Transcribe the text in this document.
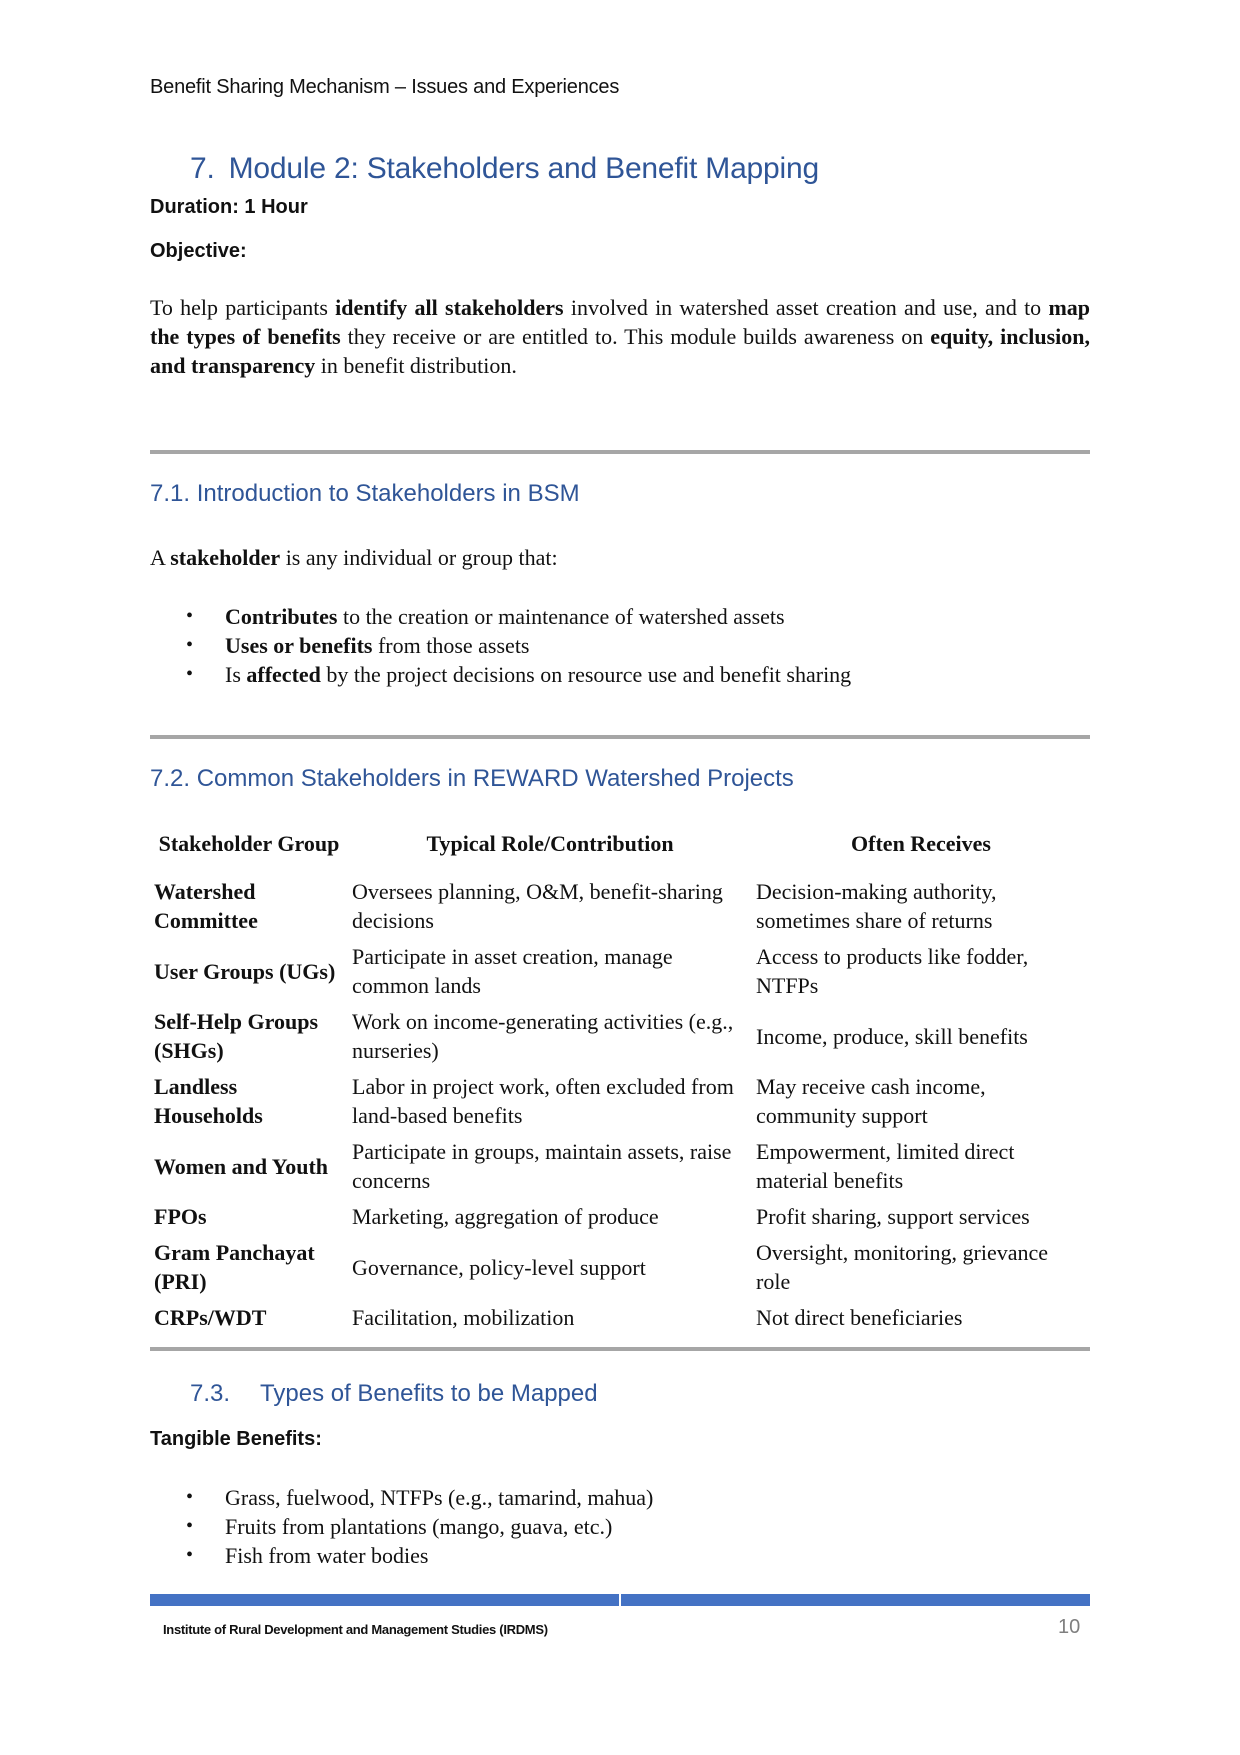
Benefit Sharing Mechanism – Issues and Experiences
7. Module 2: Stakeholders and Benefit Mapping

Duration: 1 Hour

Objective:

To help participants identify all stakeholders involved in watershed asset creation and use, and to map the types of benefits they receive or are entitled to. This module builds awareness on equity, inclusion, and transparency in benefit distribution.

7.1. Introduction to Stakeholders in BSM

A stakeholder is any individual or group that:

• Contributes to the creation or maintenance of watershed assets
• Uses or benefits from those assets
• Is affected by the project decisions on resource use and benefit sharing
7.2. Common Stakeholders in REWARD Watershed Projects
Stakeholder Group	Typical Role/Contribution	Often Receives
Watershed Committee	Oversees planning, O&M, benefit-sharing decisions	Decision-making authority, sometimes share of returns
User Groups (UGs)	Participate in asset creation, manage common lands	Access to products like fodder, NTFPs
Self-Help Groups (SHGs)	Work on income-generating activities (e.g., nurseries)	Income, produce, skill benefits
Landless Households	Labor in project work, often excluded from land-based benefits	May receive cash income, community support
Women and Youth	Participate in groups, maintain assets, raise concerns	Empowerment, limited direct material benefits
FPOs	Marketing, aggregation of produce	Profit sharing, support services
Gram Panchayat (PRI)	Governance, policy-level support	Oversight, monitoring, grievance role
CRPs/WDT	Facilitation, mobilization	Not direct beneficiaries
7.3. Types of Benefits to be Mapped

Tangible Benefits:

• Grass, fuelwood, NTFPs (e.g., tamarind, mahua)
• Fruits from plantations (mango, guava, etc.)
• Fish from water bodies
Institute of Rural Development and Management Studies (IRDMS)	10
